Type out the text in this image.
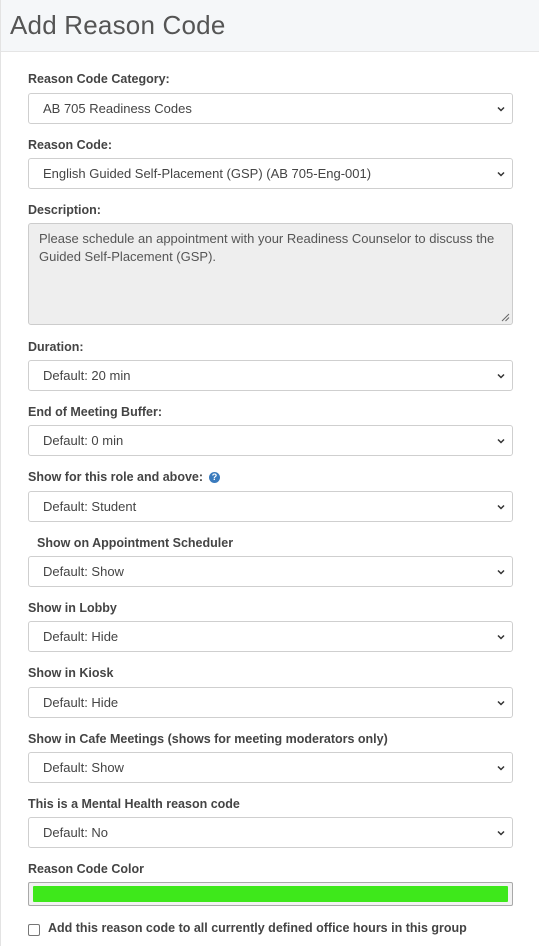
Add Reason Code
Reason Code Category:
AB 705 Readiness Codes
Reason Code:
English Guided Self-Placement (GSP) (AB 705-Eng-001)
Description:
Please schedule an appointment with your Readiness Counselor to discuss the Guided Self-Placement (GSP).
Duration:
Default: 20 min
End of Meeting Buffer:
Default: 0 min
Show for this role and above: ?
Default: Student
Show on Appointment Scheduler
Default: Show
Show in Lobby
Default: Hide
Show in Kiosk
Default: Hide
Show in Cafe Meetings (shows for meeting moderators only)
Default: Show
This is a Mental Health reason code
Default: No
Reason Code Color
Add this reason code to all currently defined office hours in this group
